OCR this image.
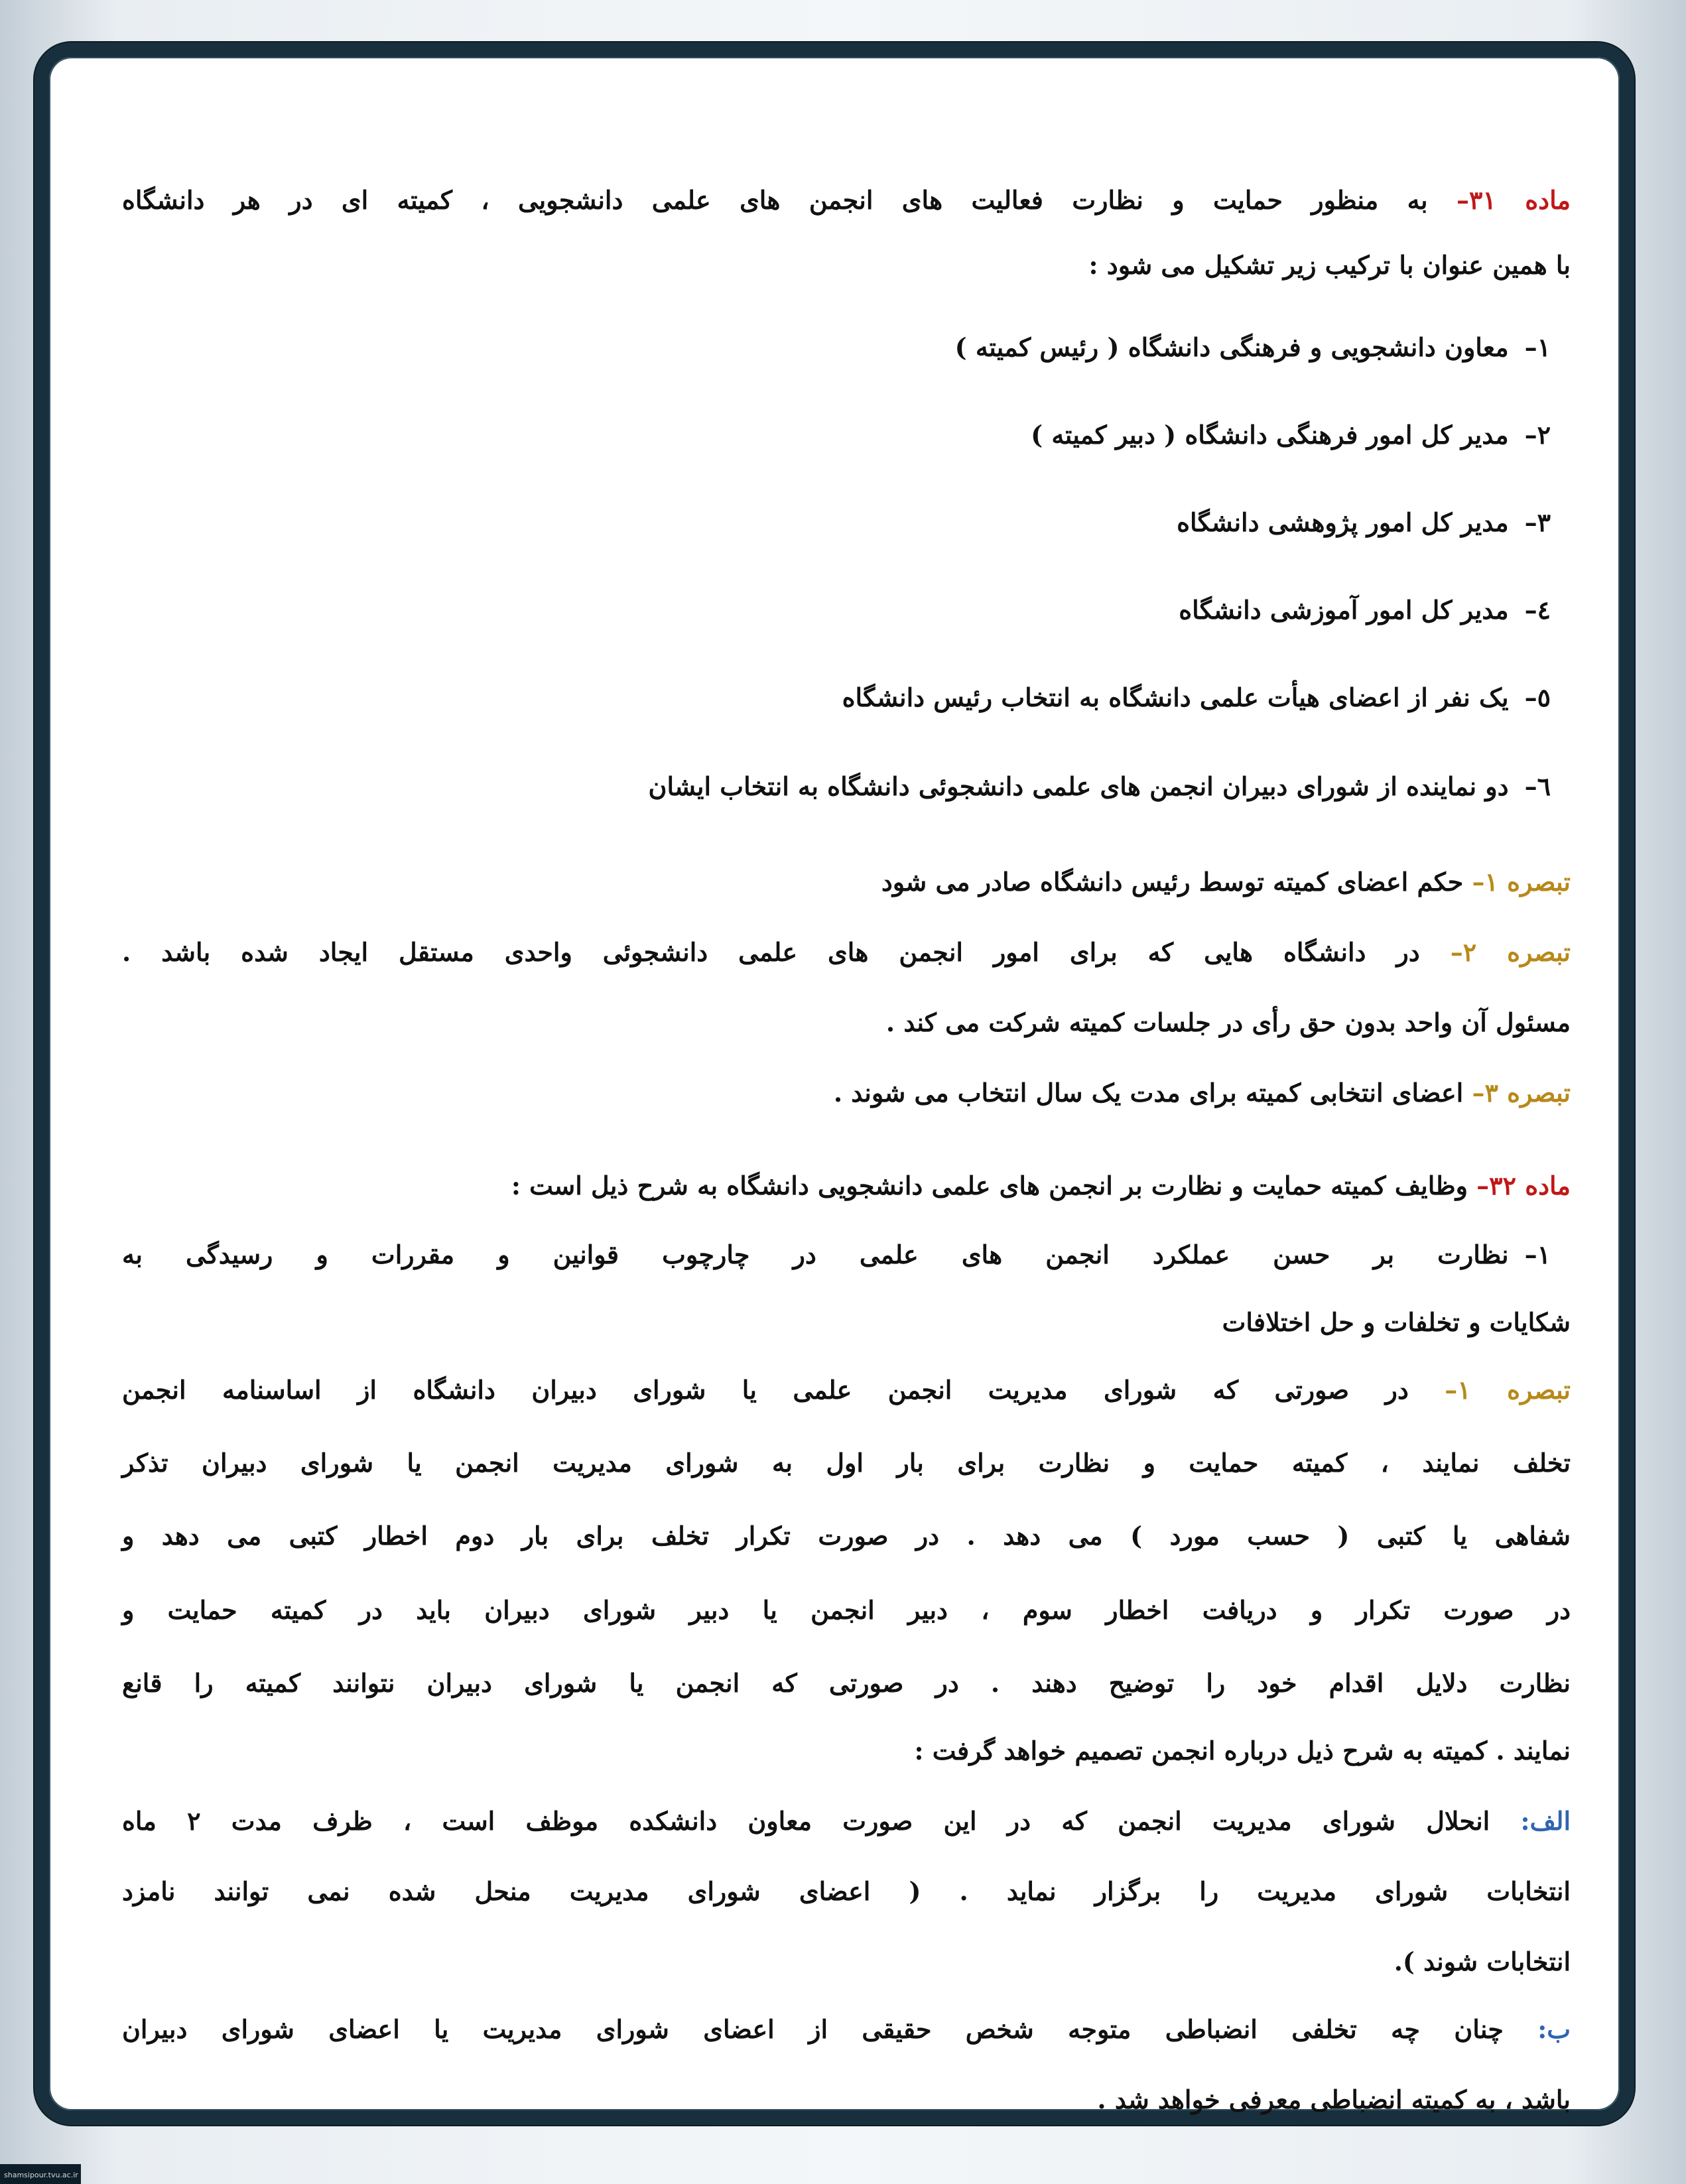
ماده ۳۱– به منظور حمایت و نظارت فعالیت های انجمن های علمی دانشجویی ، کمیته ای در هر دانشگاه
با همین عنوان با ترکیب زیر تشکیل می شود :
۱–معاون دانشجویی و فرهنگی دانشگاه ( رئیس کمیته )
۲–مدیر کل امور فرهنگی دانشگاه ( دبیر کمیته )
۳–مدیر کل امور پژوهشی دانشگاه
٤–مدیر کل امور آموزشی دانشگاه
٥–یک نفر از اعضای هیأت علمی دانشگاه به انتخاب رئیس دانشگاه
٦–دو نماینده از شورای دبیران انجمن های علمی دانشجوئی دانشگاه به انتخاب ایشان
تبصره ۱– حکم اعضای کمیته توسط رئیس دانشگاه صادر می شود
تبصره ۲– در دانشگاه هایی که برای امور انجمن های علمی دانشجوئی واحدی مستقل ایجاد شده باشد .
مسئول آن واحد بدون حق رأی در جلسات کمیته شرکت می کند .
تبصره ۳– اعضای انتخابی کمیته برای مدت یک سال انتخاب می شوند .
ماده ۳۲– وظایف کمیته حمایت و نظارت بر انجمن های علمی دانشجویی دانشگاه به شرح ذیل است :
۱–نظارت بر حسن عملکرد انجمن های علمی در چارچوب قوانین و مقررات و رسیدگی به
شکایات و تخلفات و حل اختلافات
تبصره ۱– در صورتی که شورای مدیریت انجمن علمی یا شورای دبیران دانشگاه از اساسنامه انجمن
تخلف نمایند ، کمیته حمایت و نظارت برای بار اول به شورای مدیریت انجمن یا شورای دبیران تذکر
شفاهی یا کتبی ( حسب مورد ) می دهد . در صورت تکرار تخلف برای بار دوم اخطار کتبی می دهد و
در صورت تکرار و دریافت اخطار سوم ، دبیر انجمن یا دبیر شورای دبیران باید در کمیته حمایت و
نظارت دلایل اقدام خود را توضیح دهند . در صورتی که انجمن یا شورای دبیران نتوانند کمیته را قانع
نمایند . کمیته به شرح ذیل درباره انجمن تصمیم خواهد گرفت :
الف: انحلال شورای مدیریت انجمن که در این صورت معاون دانشکده موظف است ، ظرف مدت ۲ ماه
انتخابات شورای مدیریت را برگزار نماید . ( اعضای شورای مدیریت منحل شده نمی توانند نامزد
انتخابات شوند ).
ب: چنان چه تخلفی انضباطی متوجه شخص حقیقی از اعضای شورای مدیریت یا اعضای شورای دبیران
باشد ، به کمیته انضباطی معرفی خواهد شد .
shamsipour.tvu.ac.ir
